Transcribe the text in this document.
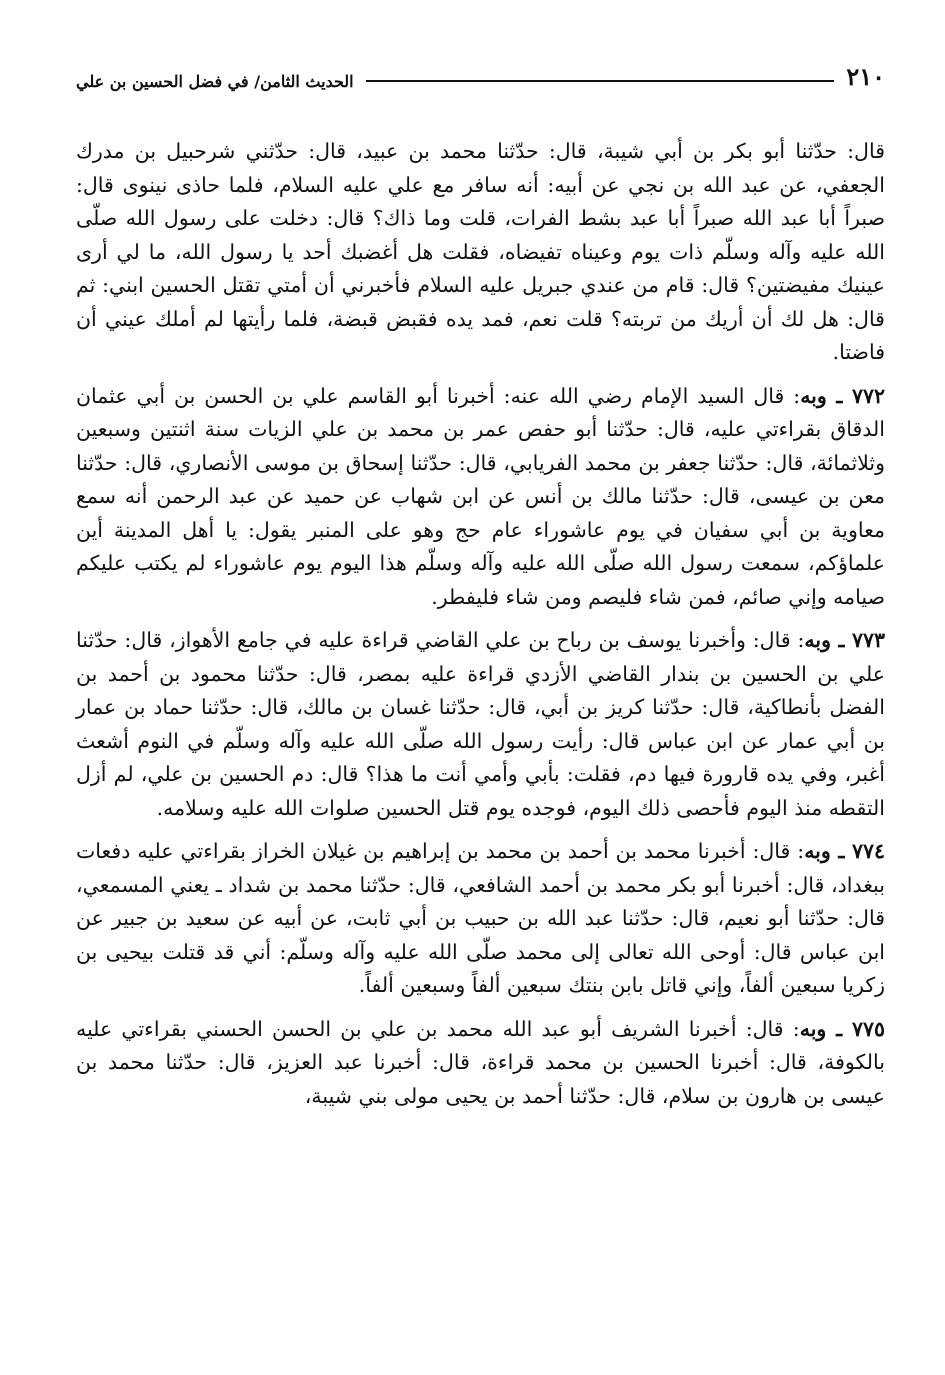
٢١٠
الحديث الثامن/ في فضل الحسين بن علي

قال: حدّثنا أبو بكر بن أبي شيبة، قال: حدّثنا محمد بن عبيد، قال: حدّثني شرحبيل بن مدرك الجعفي، عن عبد الله بن نجي عن أبيه: أنه سافر مع علي عليه السلام، فلما حاذى نينوى قال: صبراً أبا عبد الله صبراً أبا عبد بشط الفرات، قلت وما ذاك؟ قال: دخلت على رسول الله صلّى الله عليه وآله وسلّم ذات يوم وعيناه تفيضاه، فقلت هل أغضبك أحد يا رسول الله، ما لي أرى عينيك مفيضتين؟ قال: قام من عندي جبريل عليه السلام فأخبرني أن أمتي تقتل الحسين ابني: ثم قال: هل لك أن أريك من تربته؟ قلت نعم، فمد يده فقبض قبضة، فلما رأيتها لم أملك عيني أن فاضتا.

٧٧٢ ـ وبه: قال السيد الإمام رضي الله عنه: أخبرنا أبو القاسم علي بن الحسن بن أبي عثمان الدقاق بقراءتي عليه، قال: حدّثنا أبو حفص عمر بن محمد بن علي الزيات سنة اثنتين وسبعين وثلاثمائة، قال: حدّثنا جعفر بن محمد الفريابي، قال: حدّثنا إسحاق بن موسى الأنصاري، قال: حدّثنا معن بن عيسى، قال: حدّثنا مالك بن أنس عن ابن شهاب عن حميد عن عبد الرحمن أنه سمع معاوية بن أبي سفيان في يوم عاشوراء عام حج وهو على المنبر يقول: يا أهل المدينة أين علماؤكم، سمعت رسول الله صلّى الله عليه وآله وسلّم هذا اليوم يوم عاشوراء لم يكتب عليكم صيامه وإني صائم، فمن شاء فليصم ومن شاء فليفطر.

٧٧٣ ـ وبه: قال: وأخبرنا يوسف بن رباح بن علي القاضي قراءة عليه في جامع الأهواز، قال: حدّثنا علي بن الحسين بن بندار القاضي الأزدي قراءة عليه بمصر، قال: حدّثنا محمود بن أحمد بن الفضل بأنطاكية، قال: حدّثنا كريز بن أبي، قال: حدّثنا غسان بن مالك، قال: حدّثنا حماد بن عمار بن أبي عمار عن ابن عباس قال: رأيت رسول الله صلّى الله عليه وآله وسلّم في النوم أشعث أغبر، وفي يده قارورة فيها دم، فقلت: بأبي وأمي أنت ما هذا؟ قال: دم الحسين بن علي، لم أزل التقطه منذ اليوم فأحصى ذلك اليوم، فوجده يوم قتل الحسين صلوات الله عليه وسلامه.

٧٧٤ ـ وبه: قال: أخبرنا محمد بن أحمد بن محمد بن إبراهيم بن غيلان الخراز بقراءتي عليه دفعات ببغداد، قال: أخبرنا أبو بكر محمد بن أحمد الشافعي، قال: حدّثنا محمد بن شداد ـ يعني المسمعي، قال: حدّثنا أبو نعيم، قال: حدّثنا عبد الله بن حبيب بن أبي ثابت، عن أبيه عن سعيد بن جبير عن ابن عباس قال: أوحى الله تعالى إلى محمد صلّى الله عليه وآله وسلّم: أني قد قتلت بيحيى بن زكريا سبعين ألفاً، وإني قاتل بابن بنتك سبعين ألفاً وسبعين ألفاً.

٧٧٥ ـ وبه: قال: أخبرنا الشريف أبو عبد الله محمد بن علي بن الحسن الحسني بقراءتي عليه بالكوفة، قال: أخبرنا الحسين بن محمد قراءة، قال: أخبرنا عبد العزيز، قال: حدّثنا محمد بن عيسى بن هارون بن سلام، قال: حدّثنا أحمد بن يحيى مولى بني شيبة،
